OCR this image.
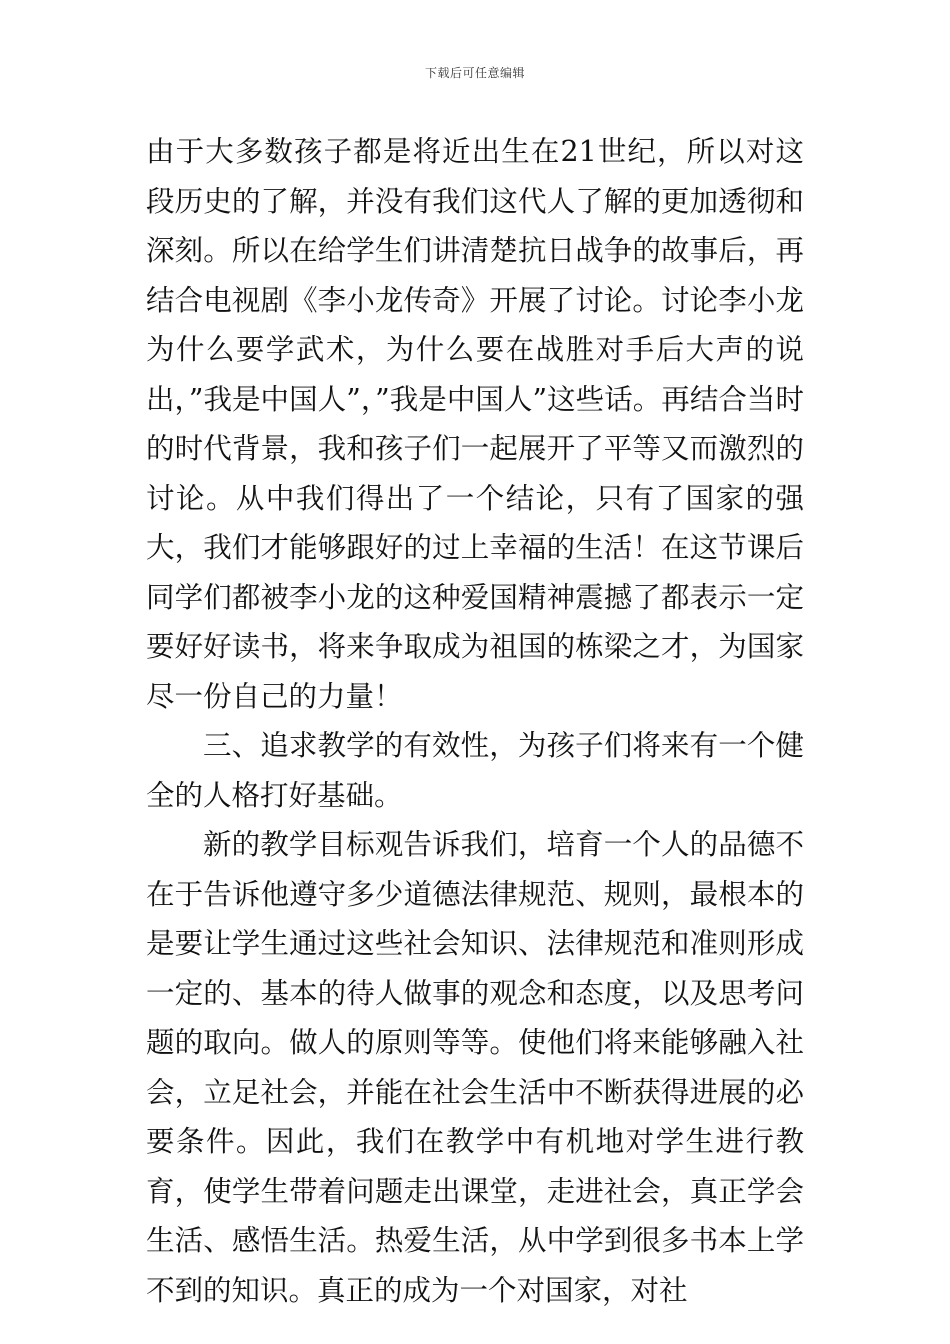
下载后可任意编辑

由于大多数孩子都是将近出生在21世纪，所以对这段历史的了解，并没有我们这代人了解的更加透彻和深刻。所以在给学生们讲清楚抗日战争的故事后，再结合电视剧《李小龙传奇》开展了讨论。讨论李小龙为什么要学武术，为什么要在战胜对手后大声的说出，”我是中国人”，”我是中国人”这些话。再结合当时的时代背景，我和孩子们一起展开了平等又而激烈的讨论。从中我们得出了一个结论，只有了国家的强大，我们才能够跟好的过上幸福的生活！在这节课后同学们都被李小龙的这种爱国精神震撼了都表示一定要好好读书，将来争取成为祖国的栋梁之才，为国家尽一份自己的力量！

三、追求教学的有效性，为孩子们将来有一个健全的人格打好基础。

新的教学目标观告诉我们，培育一个人的品德不在于告诉他遵守多少道德法律规范、规则，最根本的是要让学生通过这些社会知识、法律规范和准则形成一定的、基本的待人做事的观念和态度，以及思考问题的取向。做人的原则等等。使他们将来能够融入社会，立足社会，并能在社会生活中不断获得进展的必要条件。因此，我们在教学中有机地对学生进行教育，使学生带着问题走出课堂，走进社会，真正学会生活、感悟生活。热爱生活，从中学到很多书本上学不到的知识。真正的成为一个对国家，对社
